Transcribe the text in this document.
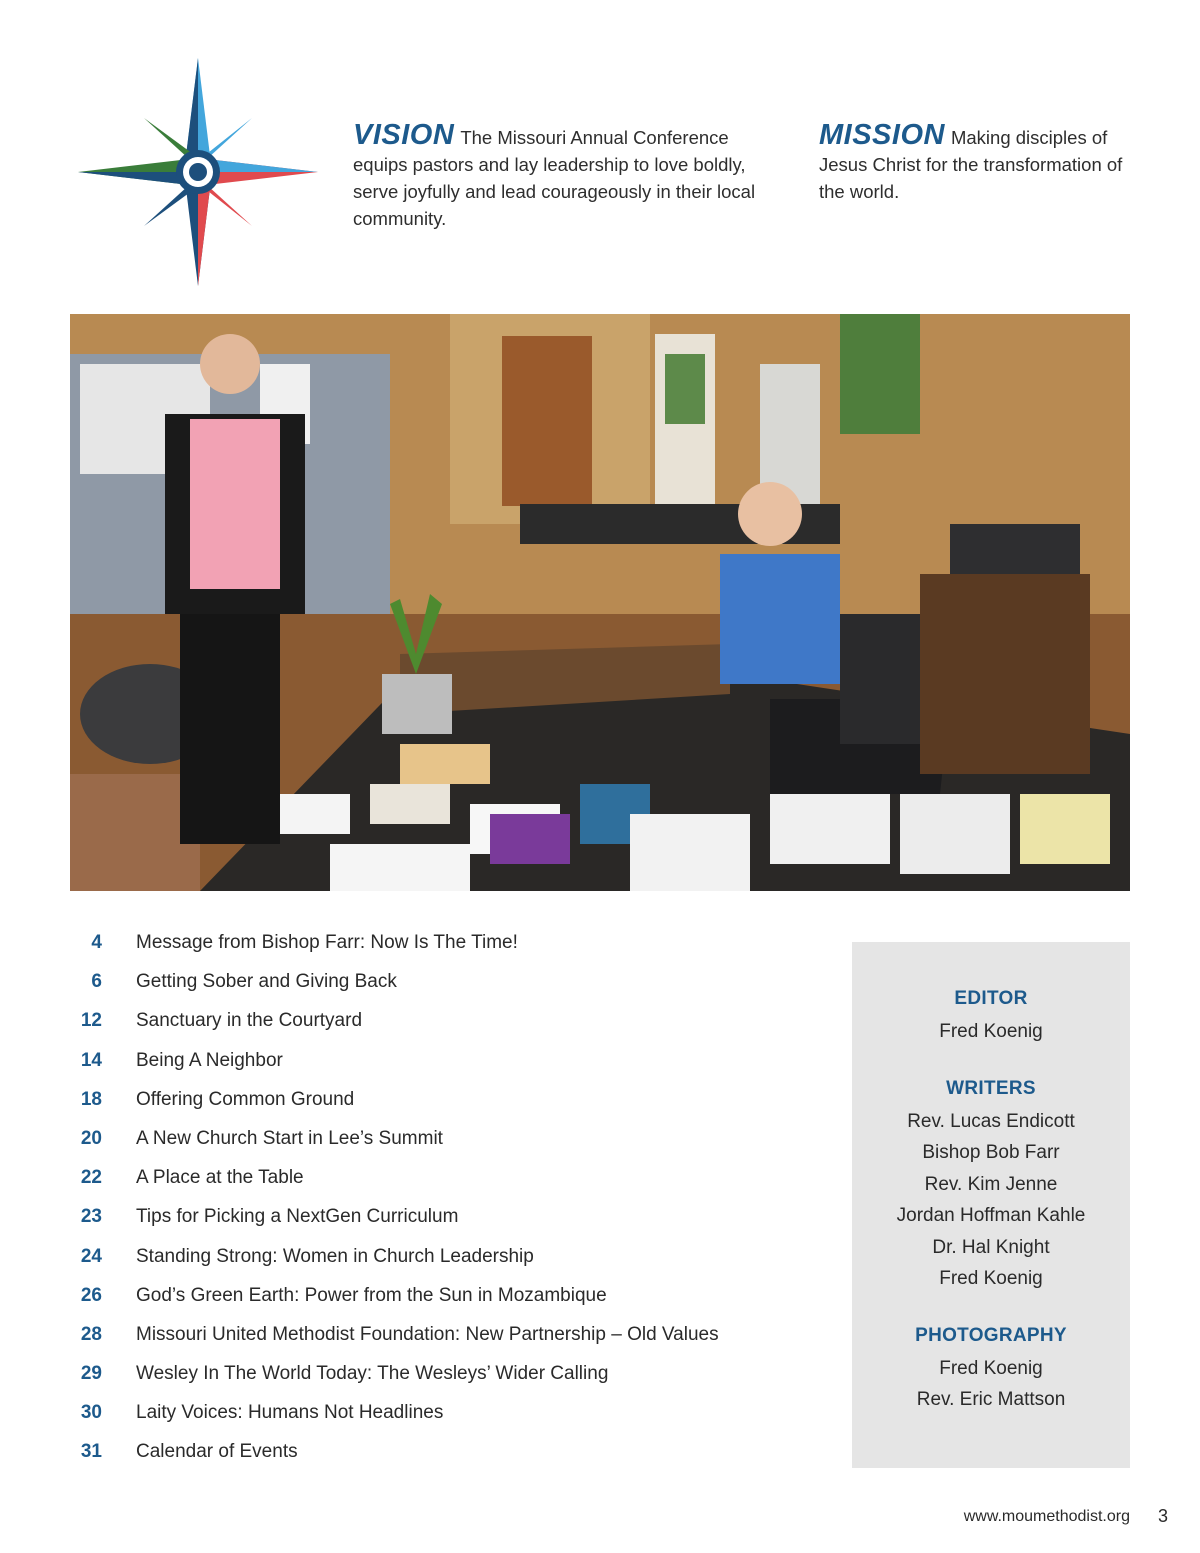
VISION The Missouri Annual Conference equips pastors and lay leadership to love boldly, serve joyfully and lead courageously in their local community.
MISSION Making disciples of Jesus Christ for the transformation of the world.
4 Message from Bishop Farr: Now Is The Time!
6 Getting Sober and Giving Back
12 Sanctuary in the Courtyard
14 Being A Neighbor
18 Offering Common Ground
20 A New Church Start in Lee’s Summit
22 A Place at the Table
23 Tips for Picking a NextGen Curriculum
24 Standing Strong: Women in Church Leadership
26 God’s Green Earth: Power from the Sun in Mozambique
28 Missouri United Methodist Foundation: New Partnership – Old Values
29 Wesley In The World Today: The Wesleys’ Wider Calling
30 Laity Voices: Humans Not Headlines
31 Calendar of Events
EDITOR
Fred Koenig
WRITERS
Rev. Lucas Endicott
Bishop Bob Farr
Rev. Kim Jenne
Jordan Hoffman Kahle
Dr. Hal Knight
Fred Koenig
PHOTOGRAPHY
Fred Koenig
Rev. Eric Mattson
www.moumethodist.org 3
